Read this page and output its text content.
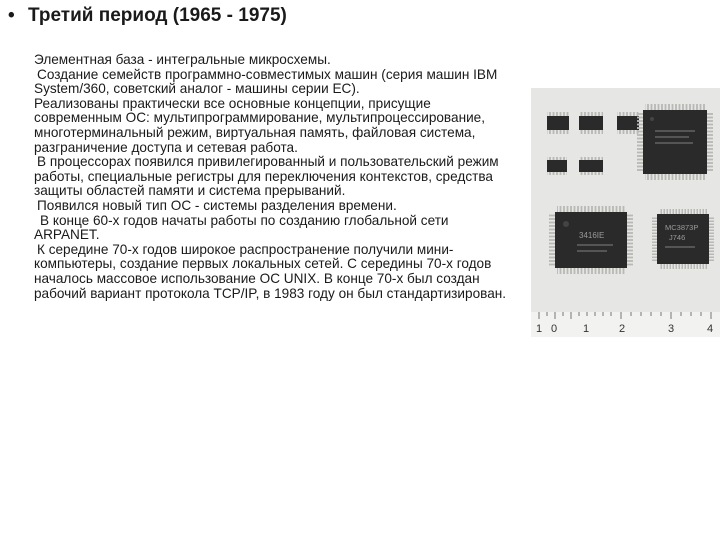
• Третий период (1965 - 1975)

Элементная база - интегральные микросхемы.

Создание семейств программно-совместимых машин (серия машин IBM System/360, советский аналог - машины серии ЕС).

Реализованы практически все основные концепции, присущие современным ОС: мультипрограммирование, мультипроцессирование, многотерминальный режим, виртуальная память, файловая система, разграничение доступа и сетевая работа.

В процессорах появился привилегированный и пользовательский режим работы, специальные регистры для переключения контекстов, средства защиты областей памяти и система прерываний.

Появился новый тип ОС - системы разделения времени.

В конце 60-х годов начаты работы по созданию глобальной сети ARPANET.

К середине 70-х годов широкое распространение получили мини-компьютеры, создание первых локальных сетей. С середины 70-х годов началось массовое использование ОС UNIX. В конце 70-х был создан рабочий вариант протокола TCP/IP, в 1983 году он был стандартизирован.

3416IE
MC3873P
J746
1 0 1	2	3	4
